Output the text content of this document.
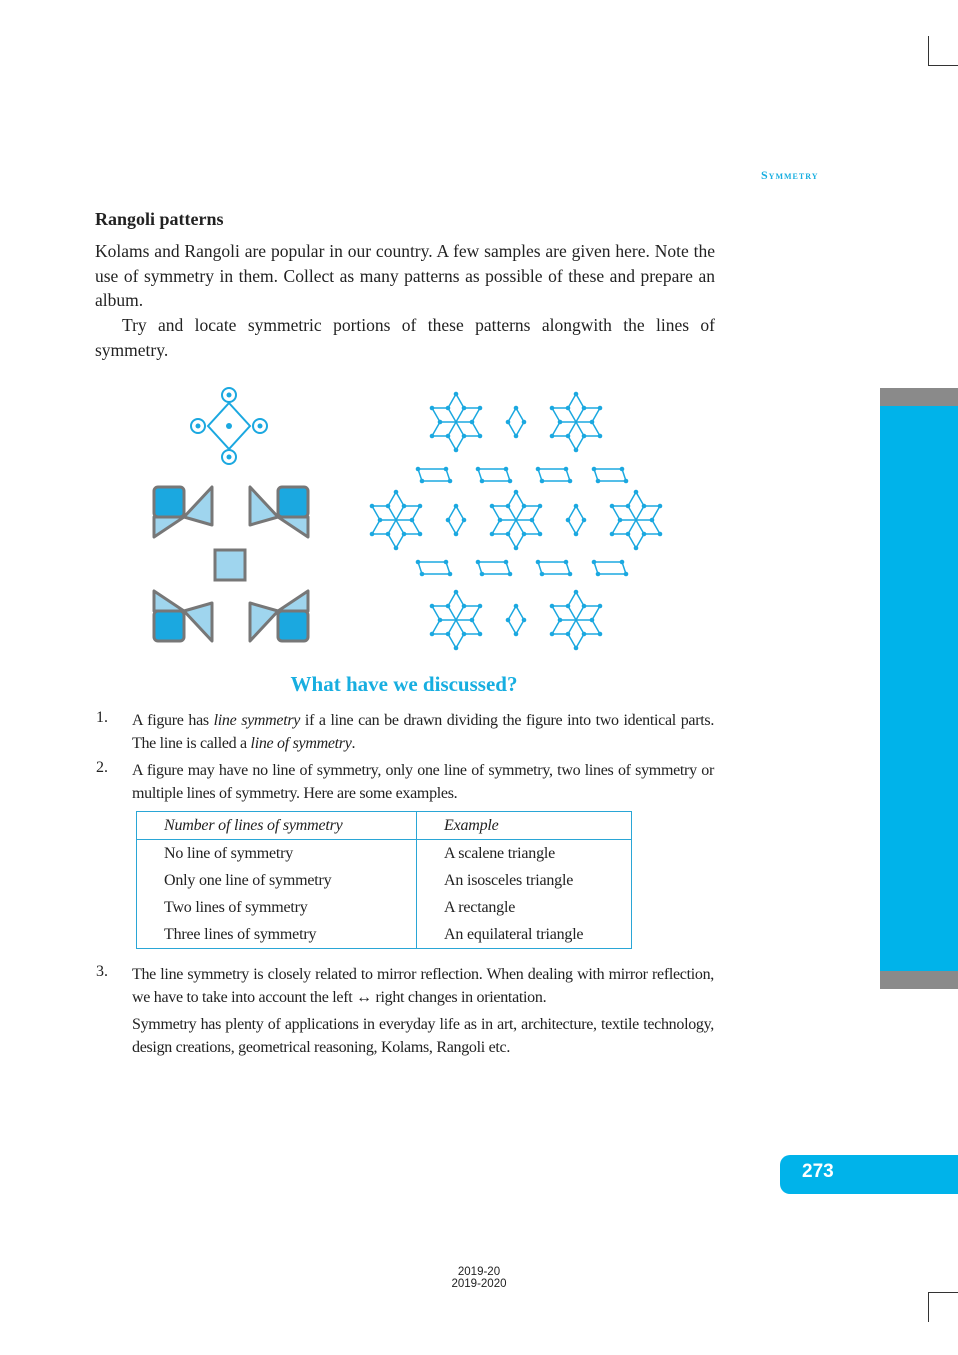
Symmetry
273
Rangoli patterns
Kolams and Rangoli are popular in our country. A few samples are given here. Note the use of symmetry in them. Collect as many patterns as possible of these and prepare an album.
Try and locate symmetric portions of these patterns alongwith the lines of symmetry.
What have we discussed?
1. A figure has line symmetry if a line can be drawn dividing the figure into two identical parts. The line is called a line of symmetry.
2. A figure may have no line of symmetry, only one line of symmetry, two lines of symmetry or multiple lines of symmetry. Here are some examples.
Number of lines of symmetry	Example
No line of symmetry	A scalene triangle
Only one line of symmetry	An isosceles triangle
Two lines of symmetry	A rectangle
Three lines of symmetry	An equilateral triangle
3. The line symmetry is closely related to mirror reflection. When dealing with mirror reflection, we have to take into account the left ↔ right changes in orientation.
Symmetry has plenty of applications in everyday life as in art, architecture, textile technology, design creations, geometrical reasoning, Kolams, Rangoli etc.
2019-20
2019-2020
